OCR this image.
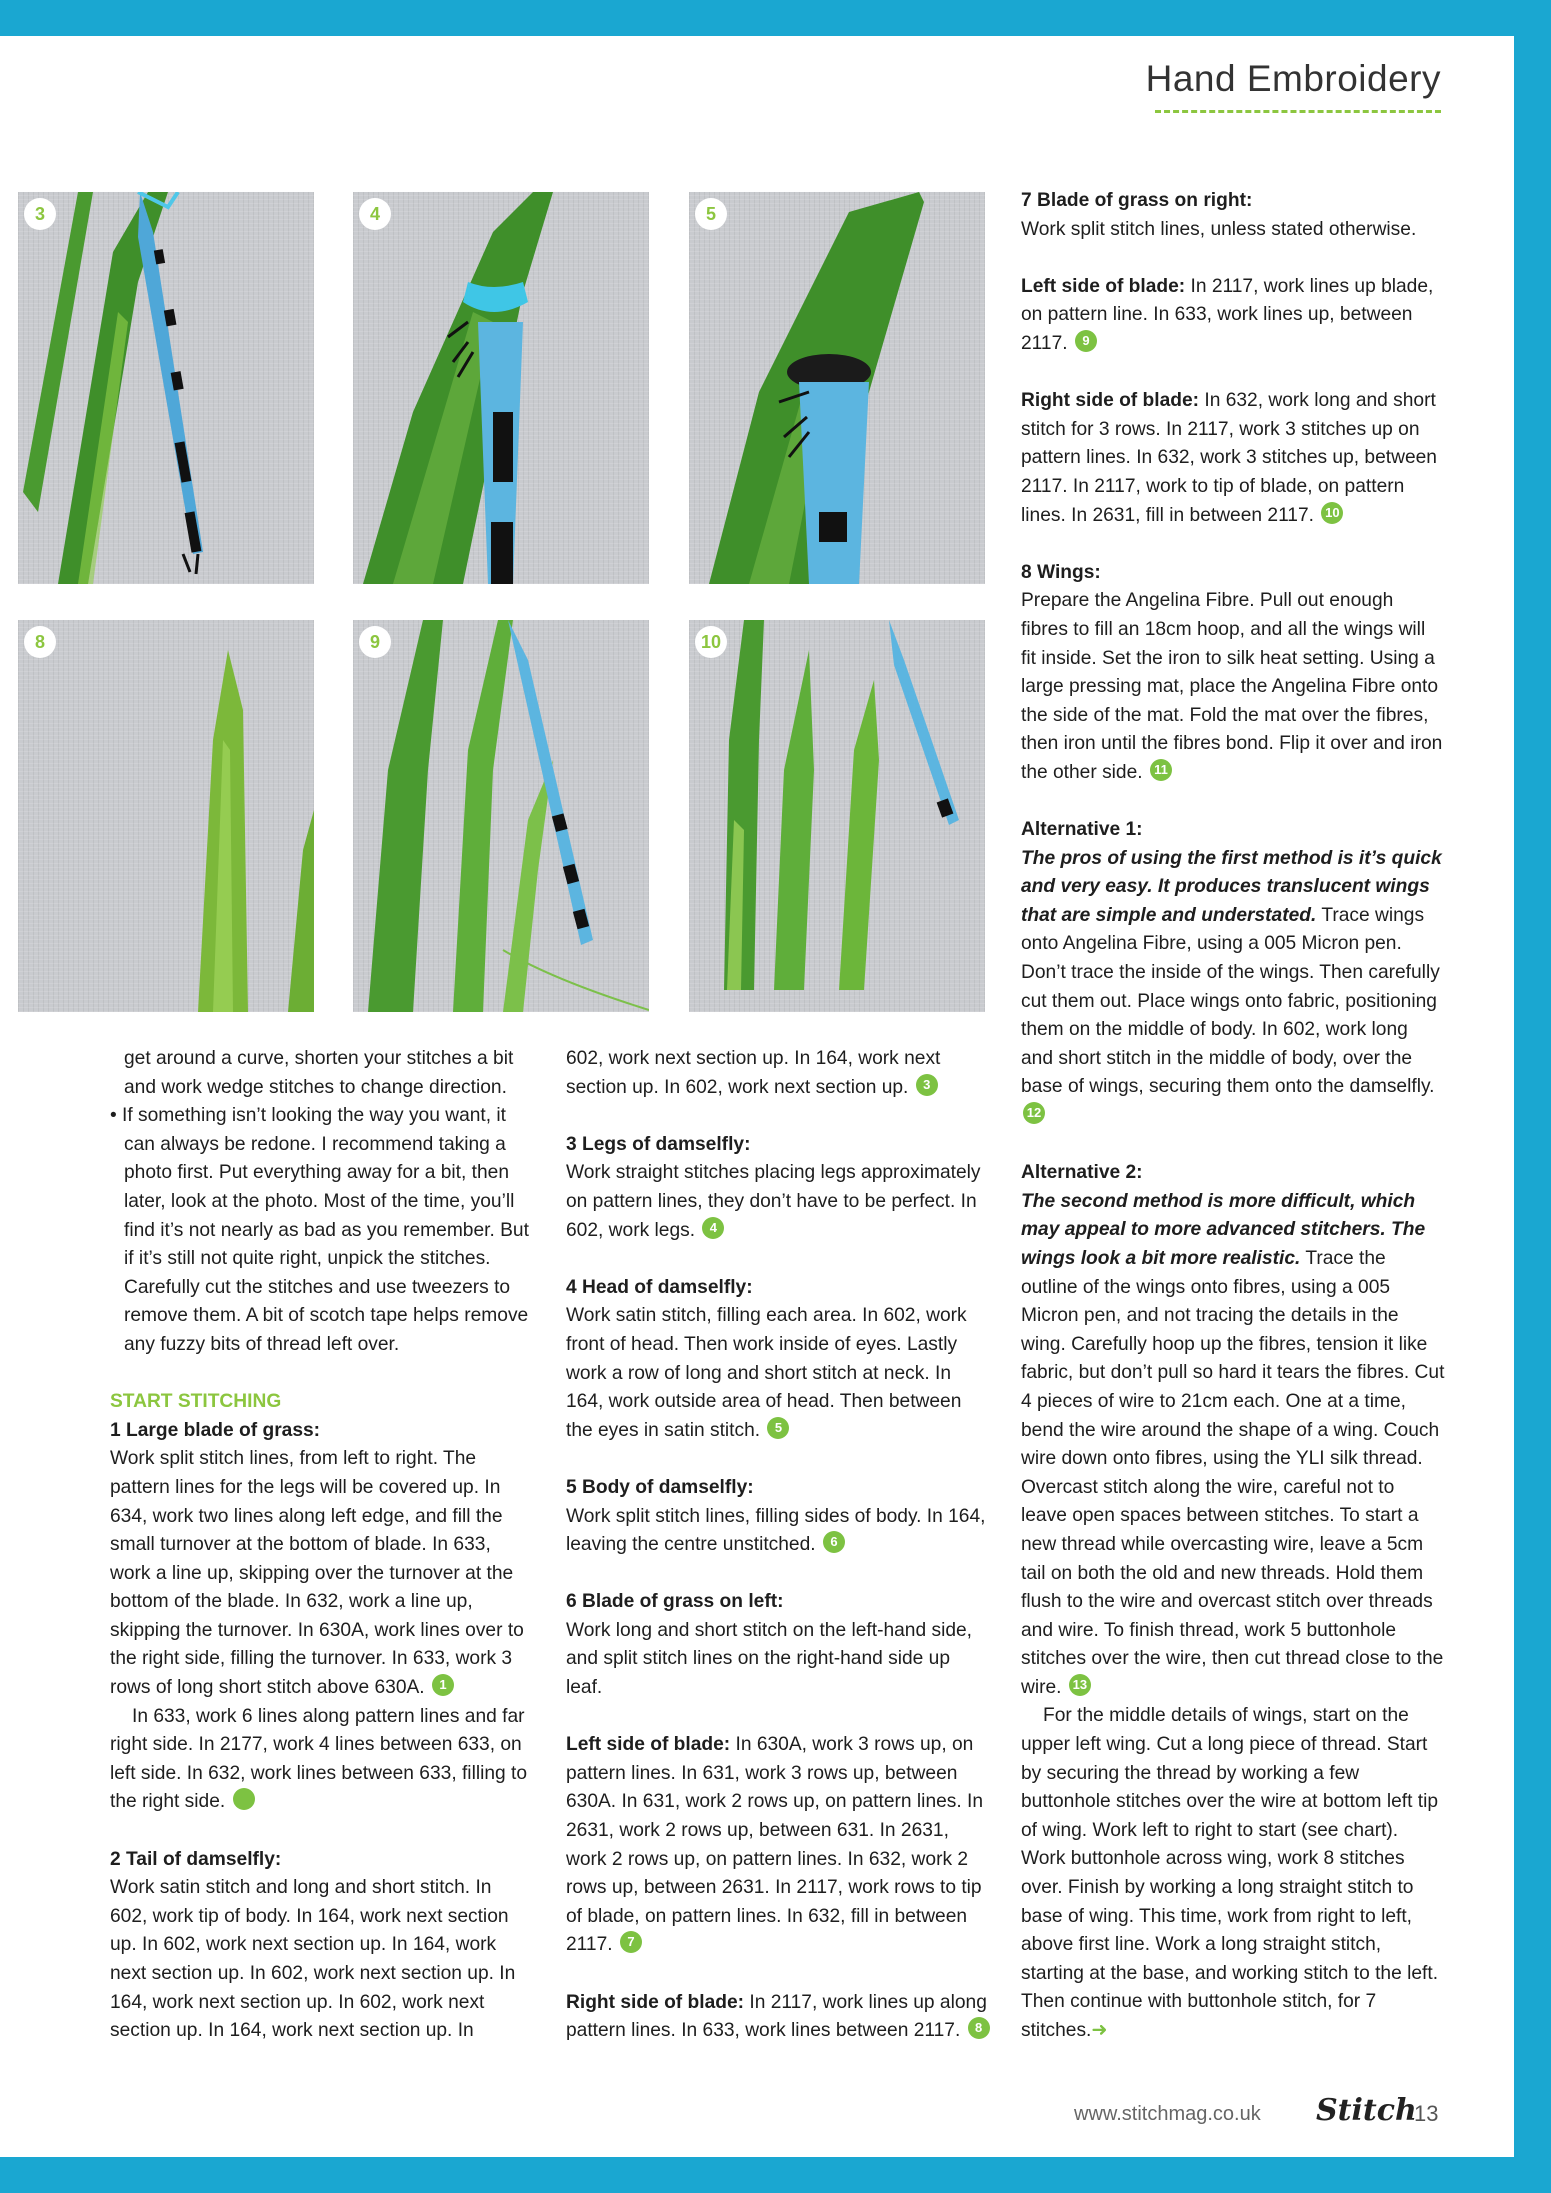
Hand Embroidery
3	4	5
8	9	10

get around a curve, shorten your stitches a bit and work wedge stitches to change direction.

• If something isn’t looking the way you want, it can always be redone. I recommend taking a photo first. Put everything away for a bit, then later, look at the photo. Most of the time, you’ll find it’s not nearly as bad as you remember. But if it’s still not quite right, unpick the stitches. Carefully cut the stitches and use tweezers to remove them. A bit of scotch tape helps remove any fuzzy bits of thread left over.

START STITCHING

1 Large blade of grass:

Work split stitch lines, from left to right. The pattern lines for the legs will be covered up. In 634, work two lines along left edge, and fill the small turnover at the bottom of blade. In 633, work a line up, skipping over the turnover at the bottom of the blade. In 632, work a line up, skipping the turnover. In 630A, work lines over to the right side, filling the turnover. In 633, work 3 rows of long short stitch above 630A. 1

In 633, work 6 lines along pattern lines and far right side. In 2177, work 4 lines between 633, on left side. In 632, work lines between 633, filling to the right side. 2

2 Tail of damselfly:

Work satin stitch and long and short stitch. In 602, work tip of body. In 164, work next section up. In 602, work next section up. In 164, work next section up. In 602, work next section up. In 164, work next section up. In 602, work next section up. In 164, work next section up. In

602, work next section up. In 164, work next section up. In 602, work next section up. 3

3 Legs of damselfly:

Work straight stitches placing legs approximately on pattern lines, they don’t have to be perfect. In 602, work legs. 4

4 Head of damselfly:

Work satin stitch, filling each area. In 602, work front of head. Then work inside of eyes. Lastly work a row of long and short stitch at neck. In 164, work outside area of head. Then between the eyes in satin stitch. 5

5 Body of damselfly:

Work split stitch lines, filling sides of body. In 164, leaving the centre unstitched. 6

6 Blade of grass on left:

Work long and short stitch on the left-hand side, and split stitch lines on the right-hand side up leaf.

Left side of blade: In 630A, work 3 rows up, on pattern lines. In 631, work 3 rows up, between 630A. In 631, work 2 rows up, on pattern lines. In 2631, work 2 rows up, between 631. In 2631, work 2 rows up, on pattern lines. In 632, work 2 rows up, between 2631. In 2117, work rows to tip of blade, on pattern lines. In 632, fill in between 2117. 7

Right side of blade: In 2117, work lines up along pattern lines. In 633, work lines between 2117. 8

7 Blade of grass on right:

Work split stitch lines, unless stated otherwise.

Left side of blade: In 2117, work lines up blade, on pattern line. In 633, work lines up, between 2117. 9

Right side of blade: In 632, work long and short stitch for 3 rows. In 2117, work 3 stitches up on pattern lines. In 632, work 3 stitches up, between 2117. In 2117, work to tip of blade, on pattern lines. In 2631, fill in between 2117. 10

8 Wings:

Prepare the Angelina Fibre. Pull out enough fibres to fill an 18cm hoop, and all the wings will fit inside. Set the iron to silk heat setting. Using a large pressing mat, place the Angelina Fibre onto the side of the mat. Fold the mat over the fibres, then iron until the fibres bond. Flip it over and iron the other side. 11

Alternative 1:

The pros of using the first method is it’s quick and very easy. It produces translucent wings that are simple and understated. Trace wings onto Angelina Fibre, using a 005 Micron pen. Don’t trace the inside of the wings. Then carefully cut them out. Place wings onto fabric, positioning them on the middle of body. In 602, work long and short stitch in the middle of body, over the base of wings, securing them onto the damselfly. 12

Alternative 2:

The second method is more difficult, which may appeal to more advanced stitchers. The wings look a bit more realistic. Trace the outline of the wings onto fibres, using a 005 Micron pen, and not tracing the details in the wing. Carefully hoop up the fibres, tension it like fabric, but don’t pull so hard it tears the fibres. Cut 4 pieces of wire to 21cm each. One at a time, bend the wire around the shape of a wing. Couch wire down onto fibres, using the YLI silk thread. Overcast stitch along the wire, careful not to leave open spaces between stitches. To start a new thread while overcasting wire, leave a 5cm tail on both the old and new threads. Hold them flush to the wire and overcast stitch over threads and wire. To finish thread, work 5 buttonhole stitches over the wire, then cut thread close to the wire. 13

For the middle details of wings, start on the upper left wing. Cut a long piece of thread. Start by securing the thread by working a few buttonhole stitches over the wire at bottom left tip of wing. Work left to right to start (see chart). Work buttonhole across wing, work 8 stitches over. Finish by working a long straight stitch to base of wing. This time, work from right to left, above first line. Work a long straight stitch, starting at the base, and working stitch to the left. Then continue with buttonhole stitch, for 7 stitches.➜

www.stitchmag.co.uk Stitch
13
